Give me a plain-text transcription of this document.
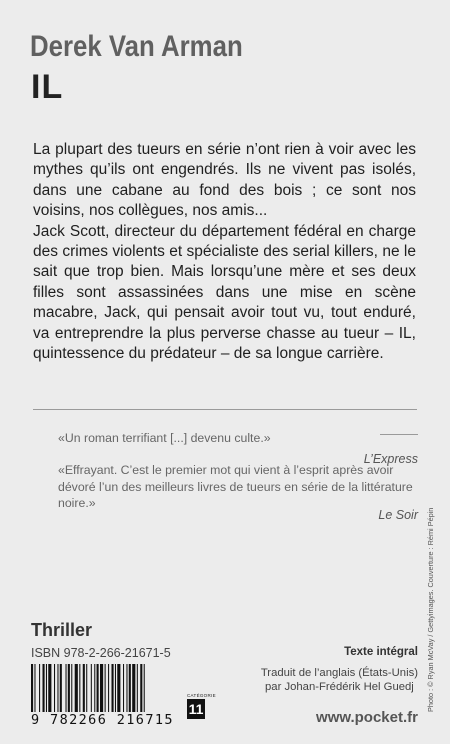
Derek Van Arman
IL

La plupart des tueurs en série n’ont rien à voir avec les mythes qu’ils ont engendrés. Ils ne vivent pas isolés, dans une cabane au fond des bois ; ce sont nos voisins, nos collègues, nos amis...

Jack Scott, directeur du département fédéral en charge des crimes violents et spécialiste des serial killers, ne le sait que trop bien. Mais lorsqu’une mère et ses deux filles sont assassinées dans une mise en scène macabre, Jack, qui pensait avoir tout vu, tout enduré, va entreprendre la plus perverse chasse au tueur – IL, quintessence du prédateur – de sa longue carrière.

«Un roman terrifiant [...] devenu culte.»

L’Express

«Effrayant. C’est le premier mot qui vient à l’esprit après avoir dévoré l’un des meilleurs livres de tueurs en série de la littérature noire.»

Le Soir
Thriller
ISBN 978-2-266-21671-5	Texte intégral
Traduit de l’anglais (États-Unis)
par Johan-Frédérik Hel Guedj
9 782266 216715
CATÉGORIE
11	www.pocket.fr
Photo : © Ryan McVay / Gettyimages. Couverture : Rémi Pépin
